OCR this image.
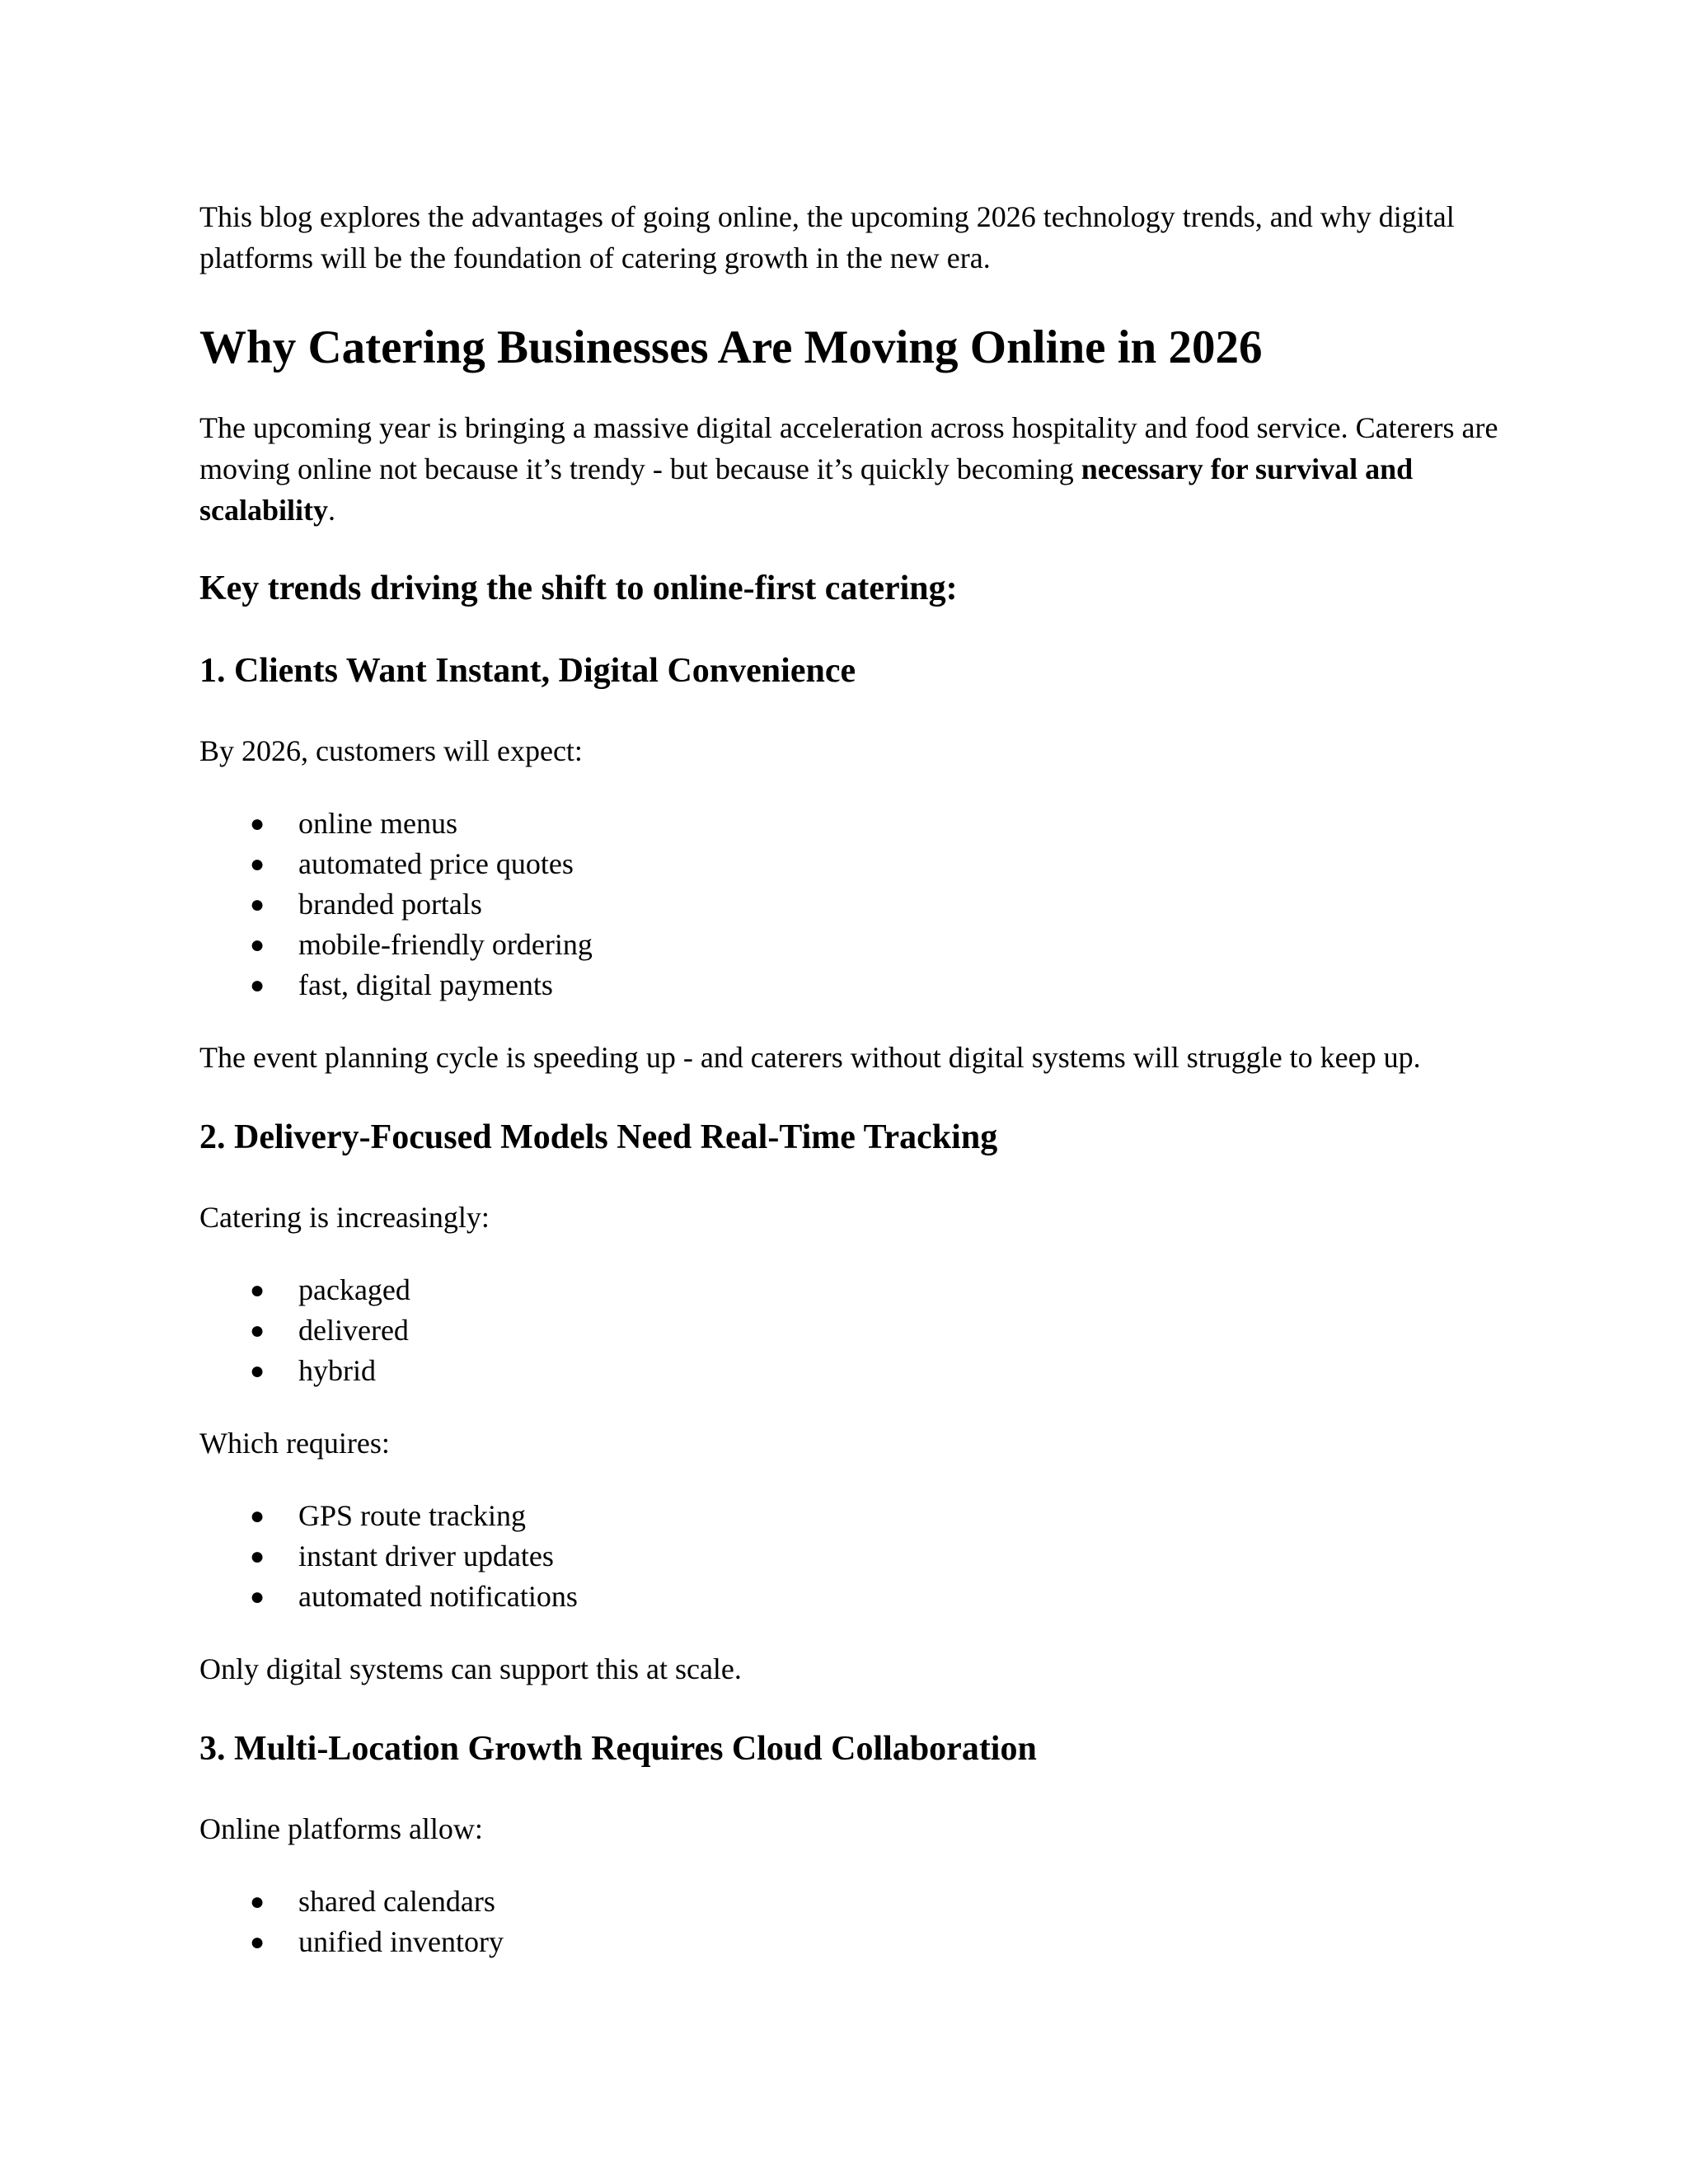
This blog explores the advantages of going online, the upcoming 2026 technology trends, and why digital platforms will be the foundation of catering growth in the new era.

Why Catering Businesses Are Moving Online in 2026

The upcoming year is bringing a massive digital acceleration across hospitality and food service. Caterers are moving online not because it’s trendy - but because it’s quickly becoming necessary for survival and scalability.

Key trends driving the shift to online-first catering:
1. Clients Want Instant, Digital Convenience

By 2026, customers will expect:

● online menus
● automated price quotes
● branded portals
● mobile-friendly ordering
● fast, digital payments

The event planning cycle is speeding up - and caterers without digital systems will struggle to keep up.

2. Delivery-Focused Models Need Real-Time Tracking

Catering is increasingly:

● packaged
● delivered
● hybrid

Which requires:

● GPS route tracking
● instant driver updates
● automated notifications

Only digital systems can support this at scale.

3. Multi-Location Growth Requires Cloud Collaboration

Online platforms allow:

● shared calendars
● unified inventory
